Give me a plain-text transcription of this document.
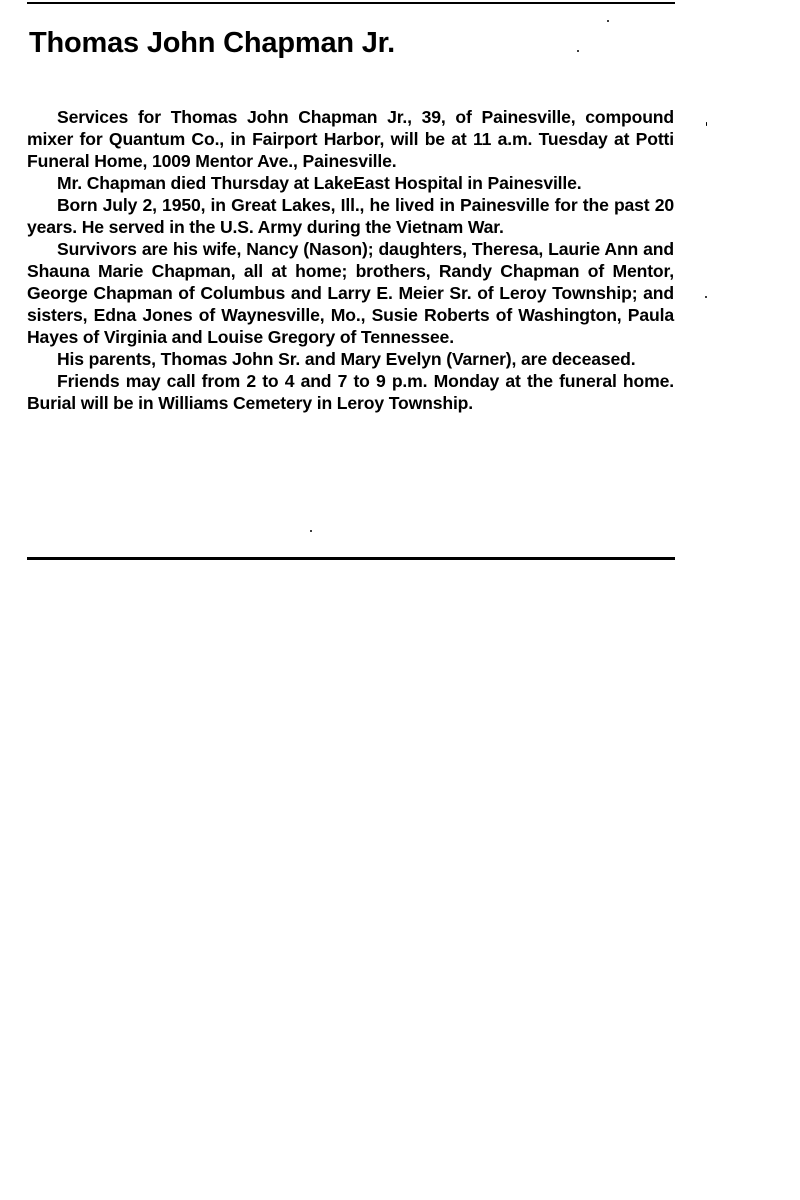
Thomas John Chapman Jr.

Services for Thomas John Chapman Jr., 39, of Painesville, compound mixer for Quantum Co., in Fairport Harbor, will be at 11 a.m. Tuesday at Potti Funeral Home, 1009 Mentor Ave., Painesville.

Mr. Chapman died Thursday at LakeEast Hospital in Painesville.

Born July 2, 1950, in Great Lakes, Ill., he lived in Painesville for the past 20 years. He served in the U.S. Army during the Vietnam War.

Survivors are his wife, Nancy (Nason); daughters, Theresa, Laurie Ann and Shauna Marie Chapman, all at home; brothers, Randy Chapman of Mentor, George Chapman of Columbus and Larry E. Meier Sr. of Leroy Township; and sisters, Edna Jones of Waynesville, Mo., Susie Roberts of Washington, Paula Hayes of Virginia and Louise Gregory of Tennessee.

His parents, Thomas John Sr. and Mary Evelyn (Varner), are deceased.

Friends may call from 2 to 4 and 7 to 9 p.m. Monday at the funeral home. Burial will be in Williams Cemetery in Leroy Township.
